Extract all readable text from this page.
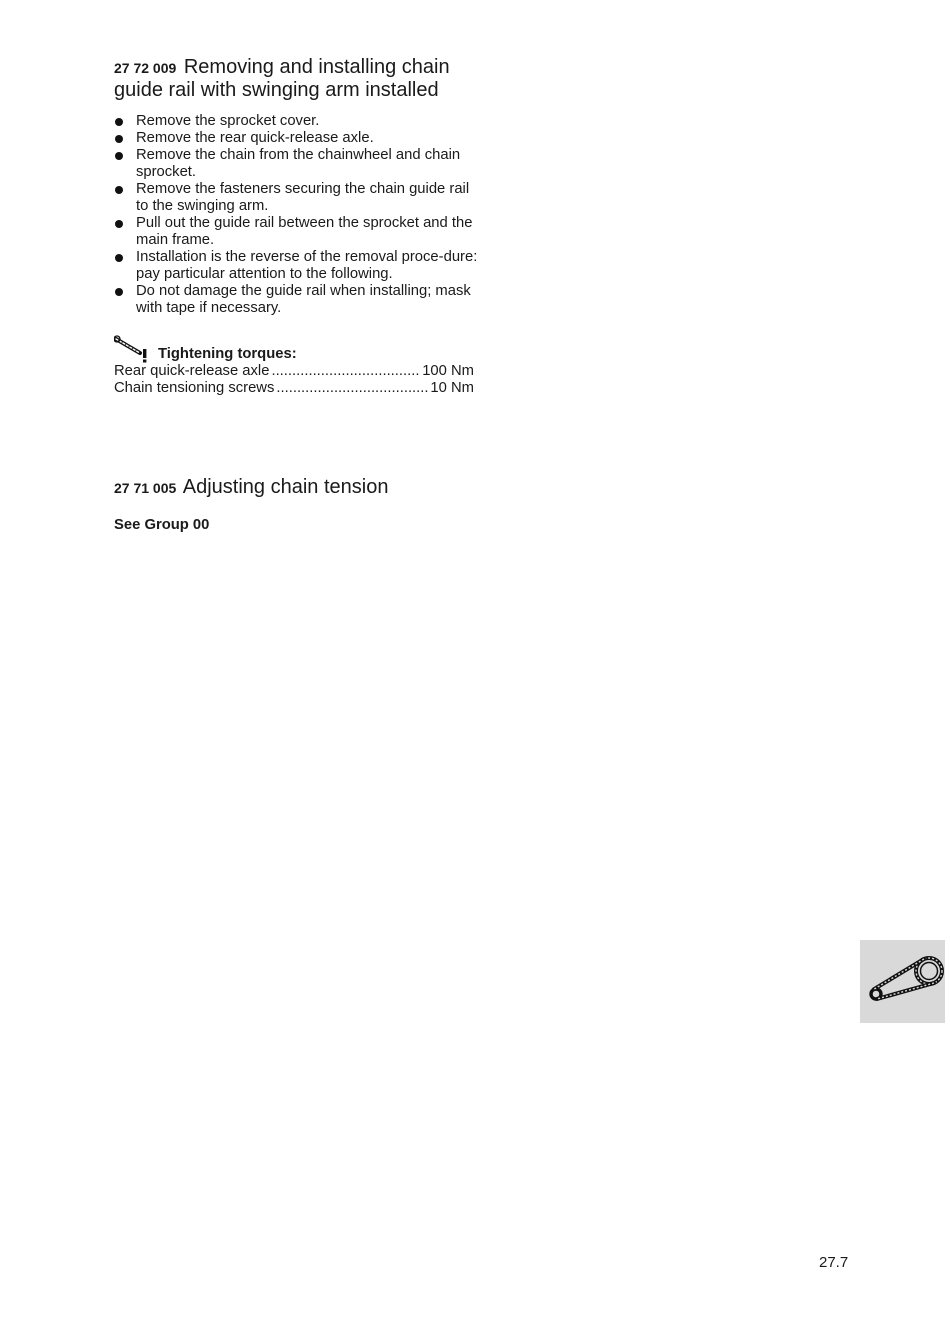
27 72 009 Removing and installing chain guide rail with swinging arm installed
Remove the sprocket cover.
Remove the rear quick-release axle.
Remove the chain from the chainwheel and chain sprocket.
Remove the fasteners securing the chain guide rail to the swinging arm.
Pull out the guide rail between the sprocket and the main frame.
Installation is the reverse of the removal proce-dure: pay particular attention to the following.
Do not damage the guide rail when installing; mask with tape if necessary.
Tightening torques:
Rear quick-release axle .....	100 Nm
Chain tensioning screws .....	10 Nm
27 71 005 Adjusting chain tension
See Group 00
27.7
